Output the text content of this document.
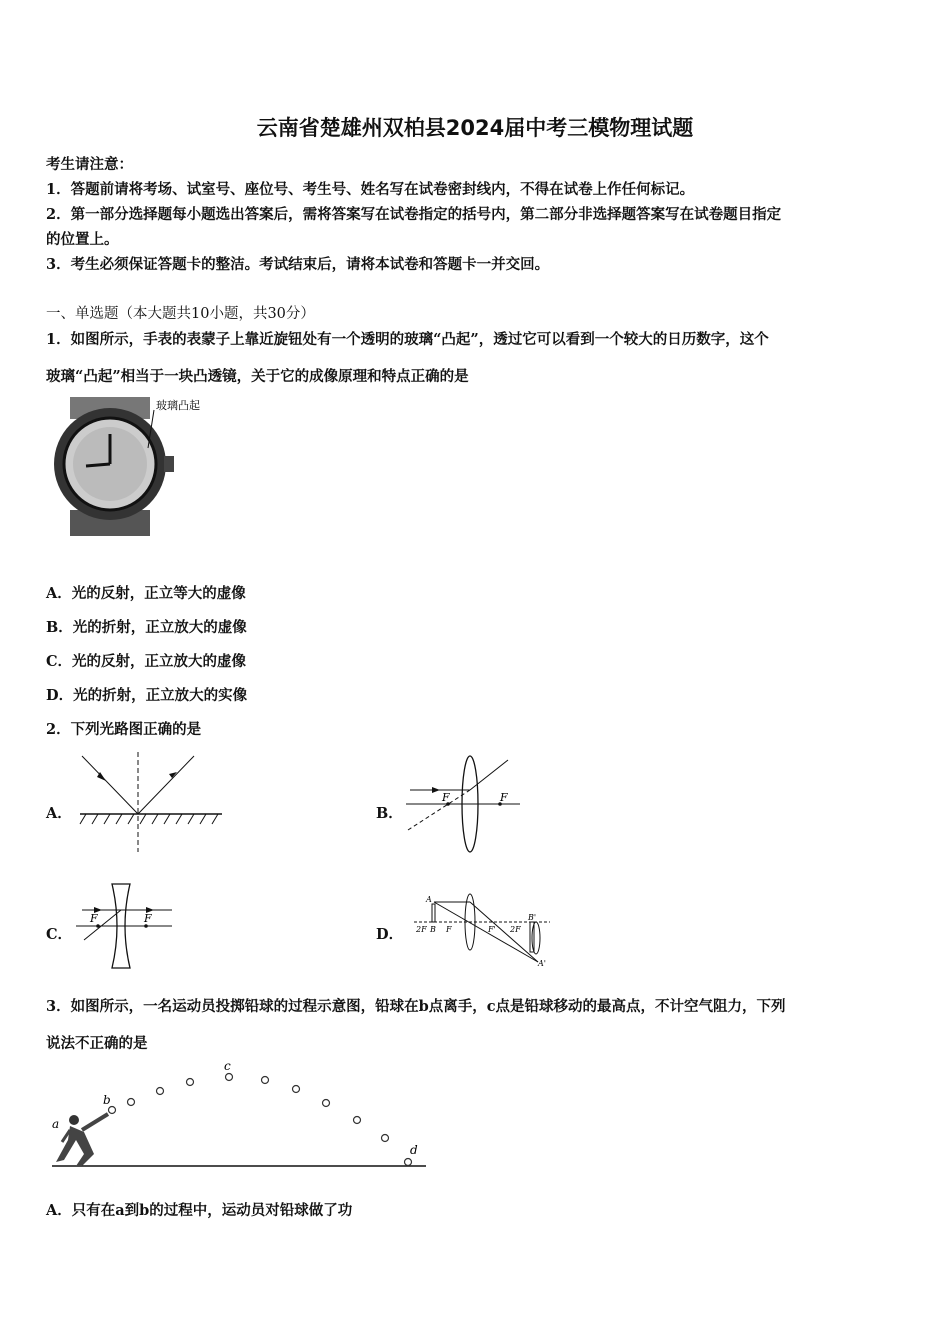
云南省楚雄州双柏县2024届中考三模物理试题
考生请注意：
1．答题前请将考场、试室号、座位号、考生号、姓名写在试卷密封线内，不得在试卷上作任何标记。
2．第一部分选择题每小题选出答案后，需将答案写在试卷指定的括号内，第二部分非选择题答案写在试卷题目指定
的位置上。
3．考生必须保证答题卡的整洁。考试结束后，请将本试卷和答题卡一并交回。
一、单选题（本大题共10小题，共30分）
1．如图所示，手表的表蒙子上靠近旋钮处有一个透明的玻璃“凸起”，透过它可以看到一个较大的日历数字，这个
玻璃“凸起”相当于一块凸透镜，关于它的成像原理和特点正确的是
玻璃凸起
A．光的反射，正立等大的虚像
B．光的折射，正立放大的虚像
C．光的反射，正立放大的虚像
D．光的折射，正立放大的实像
2．下列光路图正确的是
A．	B．
F	F
C．
F	F
D．
A
B
2F F	F' 2F
B'
A'
3．如图所示，一名运动员投掷铅球的过程示意图，铅球在b点离手，c点是铅球移动的最高点，不计空气阻力，下列
说法不正确的是
a
b
c
d
A．只有在a到b的过程中，运动员对铅球做了功
